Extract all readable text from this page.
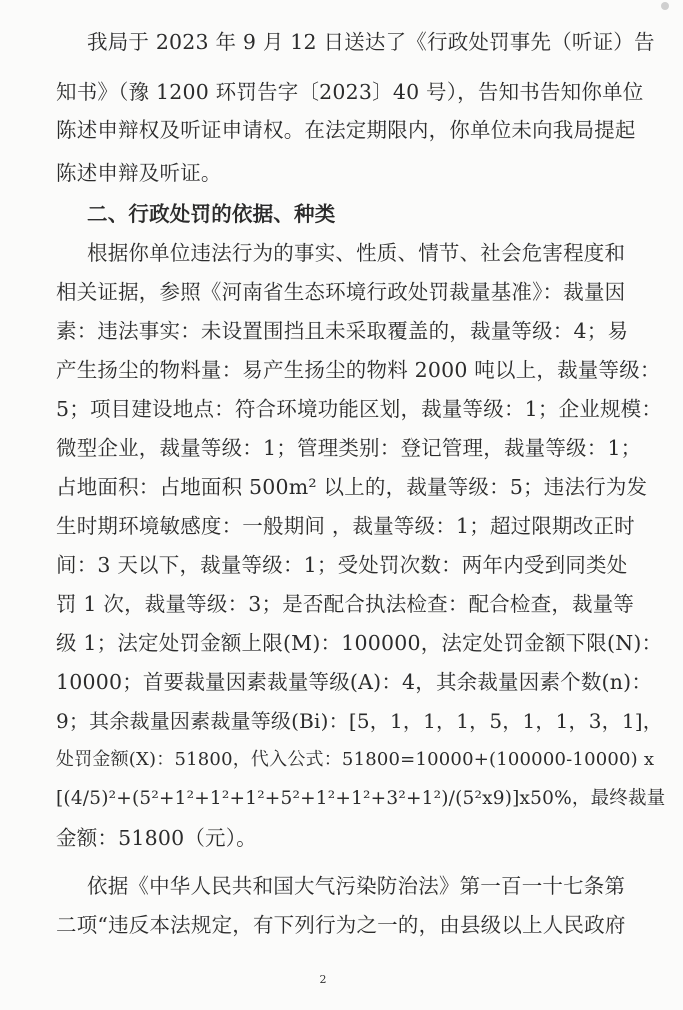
我局于 2023 年 9 月 12 日送达了《行政处罚事先（听证）告
知书》（豫 1200 环罚告字〔2023〕40 号），告知书告知你单位
陈述申辩权及听证申请权。在法定期限内，你单位未向我局提起
陈述申辩及听证。
二、行政处罚的依据、种类
根据你单位违法行为的事实、性质、情节、社会危害程度和
相关证据，参照《河南省生态环境行政处罚裁量基准》：裁量因
素：违法事实：未设置围挡且未采取覆盖的，裁量等级：4；易
产生扬尘的物料量：易产生扬尘的物料 2000 吨以上，裁量等级：
5；项目建设地点：符合环境功能区划，裁量等级：1；企业规模：
微型企业，裁量等级：1；管理类别：登记管理，裁量等级：1；
占地面积：占地面积 500m² 以上的，裁量等级：5；违法行为发
生时期环境敏感度：一般期间 ，裁量等级：1；超过限期改正时
间：3 天以下，裁量等级：1；受处罚次数：两年内受到同类处
罚 1 次，裁量等级：3；是否配合执法检查：配合检查，裁量等
级 1；法定处罚金额上限(M)：100000，法定处罚金额下限(N)：
10000；首要裁量因素裁量等级(A)：4，其余裁量因素个数(n)：
9；其余裁量因素裁量等级(Bi)：[5，1，1，1，5，1，1，3，1]，
处罚金额(X)：51800，代入公式：51800=10000+(100000-10000) x
[(4/5)²+(5²+1²+1²+1²+5²+1²+1²+3²+1²)/(5²x9)]x50%，最终裁量
金额：51800（元）。
依据《中华人民共和国大气污染防治法》第一百一十七条第
二项“违反本法规定，有下列行为之一的，由县级以上人民政府
2
